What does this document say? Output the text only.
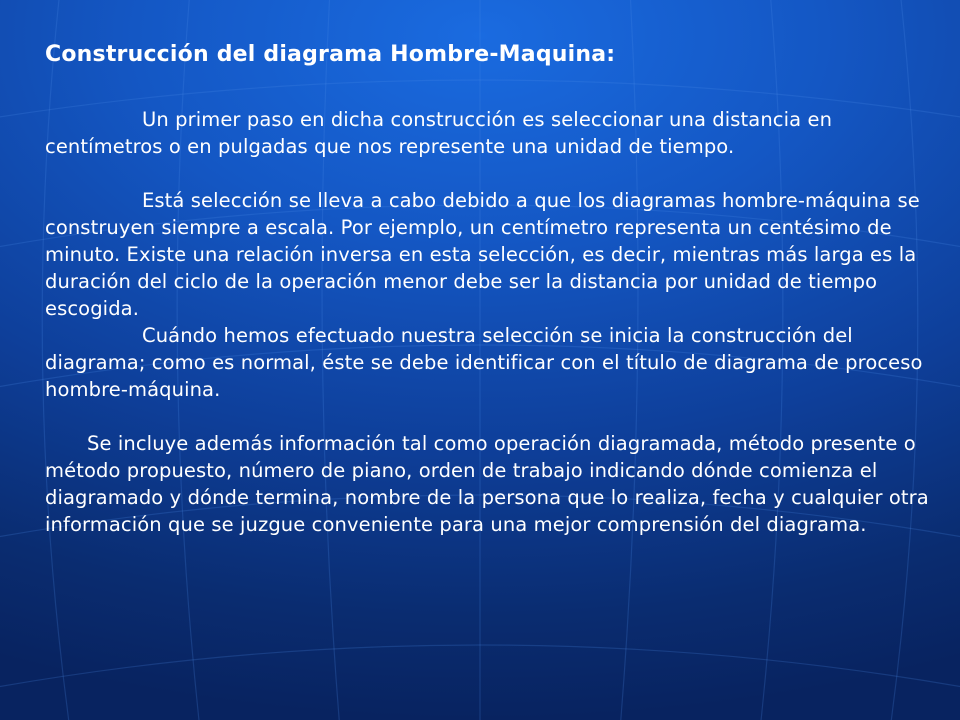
Construcción del diagrama Hombre-Maquina:

Un primer paso en dicha construcción es seleccionar una distancia en centímetros o en pulgadas que nos represente una unidad de tiempo.

Está selección se lleva a cabo debido a que los diagramas hombre-máquina se construyen siempre a escala. Por ejemplo, un centímetro representa un centésimo de minuto. Existe una relación inversa en esta selección, es decir, mientras más larga es la duración del ciclo de la operación menor debe ser la distancia por unidad de tiempo escogida.

Cuándo hemos efectuado nuestra selección se inicia la construcción del diagrama; como es normal, éste se debe identificar con el título de diagrama de proceso hombre-máquina.

Se incluye además información tal como operación diagramada, método presente o método propuesto, número de piano, orden de trabajo indicando dónde comienza el diagramado y dónde termina, nombre de la persona que lo realiza, fecha y cualquier otra información que se juzgue conveniente para una mejor comprensión del diagrama.
